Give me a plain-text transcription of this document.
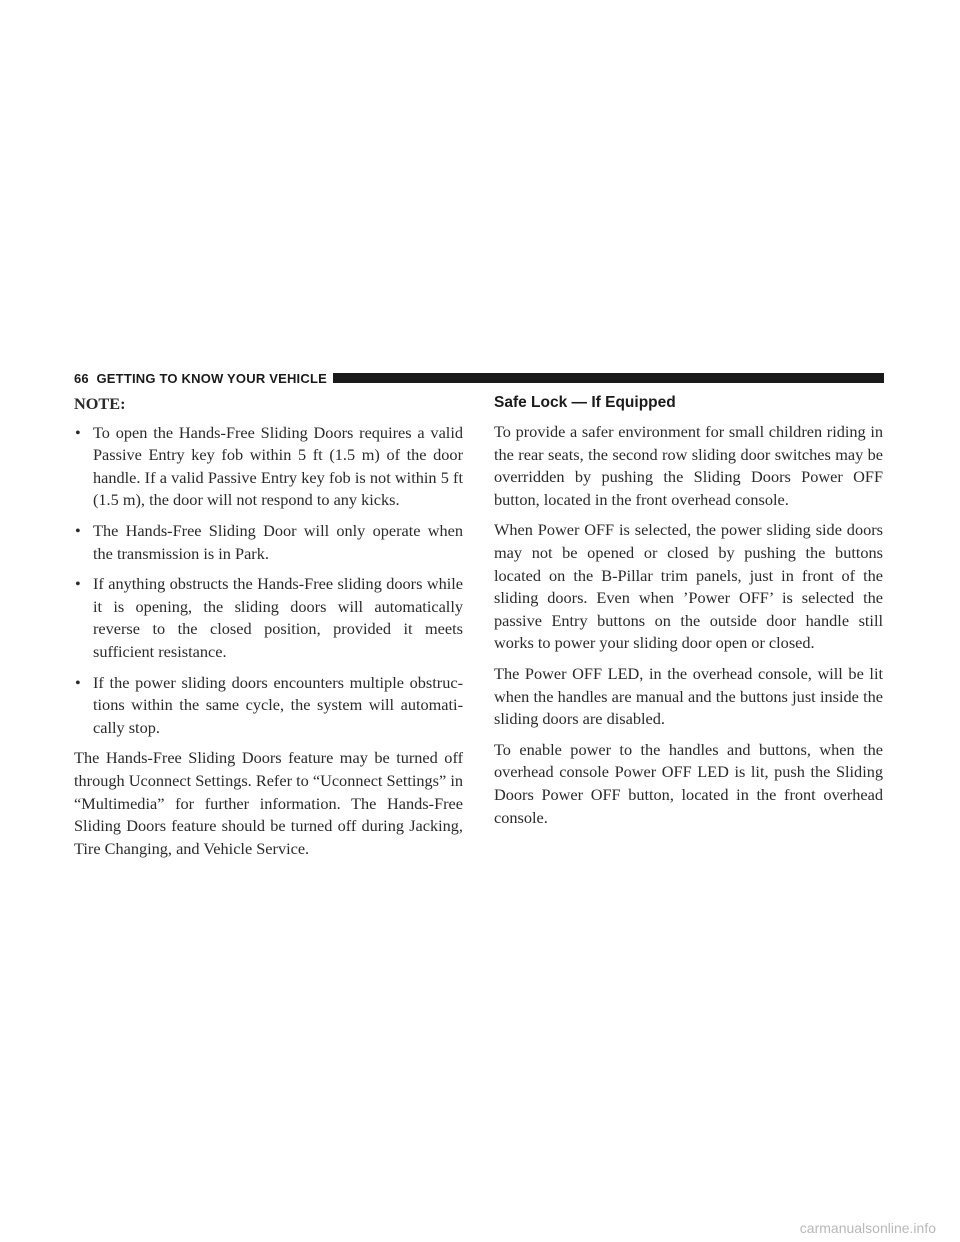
66 GETTING TO KNOW YOUR VEHICLE
NOTE:
• To open the Hands-Free Sliding Doors requires a valid Passive Entry key fob within 5 ft (1.5 m) of the door handle. If a valid Passive Entry key fob is not within 5 ft (1.5 m), the door will not respond to any kicks.
• The Hands-Free Sliding Door will only operate when the transmission is in Park.
• If anything obstructs the Hands-Free sliding doors while it is opening, the sliding doors will automatically reverse to the closed position, provided it meets sufficient resistance.
• If the power sliding doors encounters multiple obstruc- tions within the same cycle, the system will automati- cally stop.

The Hands-Free Sliding Doors feature may be turned off through Uconnect Settings. Refer to “Uconnect Settings” in “Multimedia” for further information. The Hands-Free Sliding Doors feature should be turned off during Jacking, Tire Changing, and Vehicle Service.

Safe Lock — If Equipped

To provide a safer environment for small children riding in the rear seats, the second row sliding door switches may be overridden by pushing the Sliding Doors Power OFF button, located in the front overhead console.

When Power OFF is selected, the power sliding side doors may not be opened or closed by pushing the buttons located on the B-Pillar trim panels, just in front of the sliding doors. Even when ’Power OFF’ is selected the passive Entry buttons on the outside door handle still works to power your sliding door open or closed.

The Power OFF LED, in the overhead console, will be lit when the handles are manual and the buttons just inside the sliding doors are disabled.

To enable power to the handles and buttons, when the overhead console Power OFF LED is lit, push the Sliding Doors Power OFF button, located in the front overhead console.

carmanualsonline.info
